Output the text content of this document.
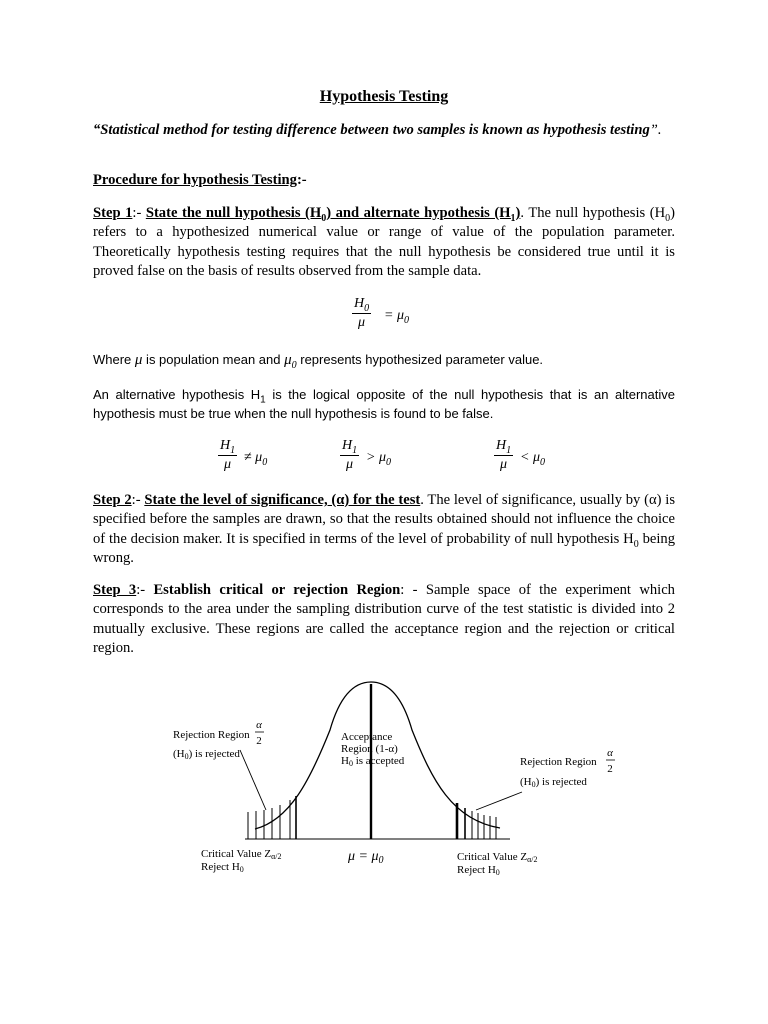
Hypothesis Testing
“Statistical method for testing difference between two samples is known as hypothesis testing”.
Procedure for hypothesis Testing:-
Step 1:- State the null hypothesis $(H_0)$ and alternate hypothesis $(H_1)$. The null hypothesis $(H_0)$ refers to a hypothesized numerical value or range of value of the population parameter. Theoretically hypothesis testing requires that the null hypothesis be considered true until it is proved false on the basis of results observed from the sample data.
$H_0$
μ	= $\mu_0$
Where μ is population mean and $\mu_0$ represents hypothesized parameter value.
An alternative hypothesis $H_1$ is the logical opposite of the null hypothesis that is an alternative hypothesis must be true when the null hypothesis is found to be false.
$H_1$
$\mu \ne \mu_0$
$H_1$
$\mu > \mu_0$
$H_1$
$\mu < \mu_0$
Step 2:- State the level of significance, (α) for the test. The level of significance, usually by (α) is specified before the samples are drawn, so that the results obtained should not influence the choice of the decision maker. It is specified in terms of the level of probability of null hypothesis $H_0$ being wrong.
Step 3:- Establish critical or rejection Region: - Sample space of the experiment which corresponds to the area under the sampling distribution curve of the test statistic is divided into 2 mutually exclusive. These regions are called the acceptance region and the rejection or critical region.
Rejection Region
α
2
(H0) is rejected
Acceptance
Region (1-α)
H0 is accepted	Rejection Region
α
2
(H0) is rejected
Critical Value Zα/2
Reject H0
$\mu = \mu_0$	Critical Value Zα/2
Reject H0
